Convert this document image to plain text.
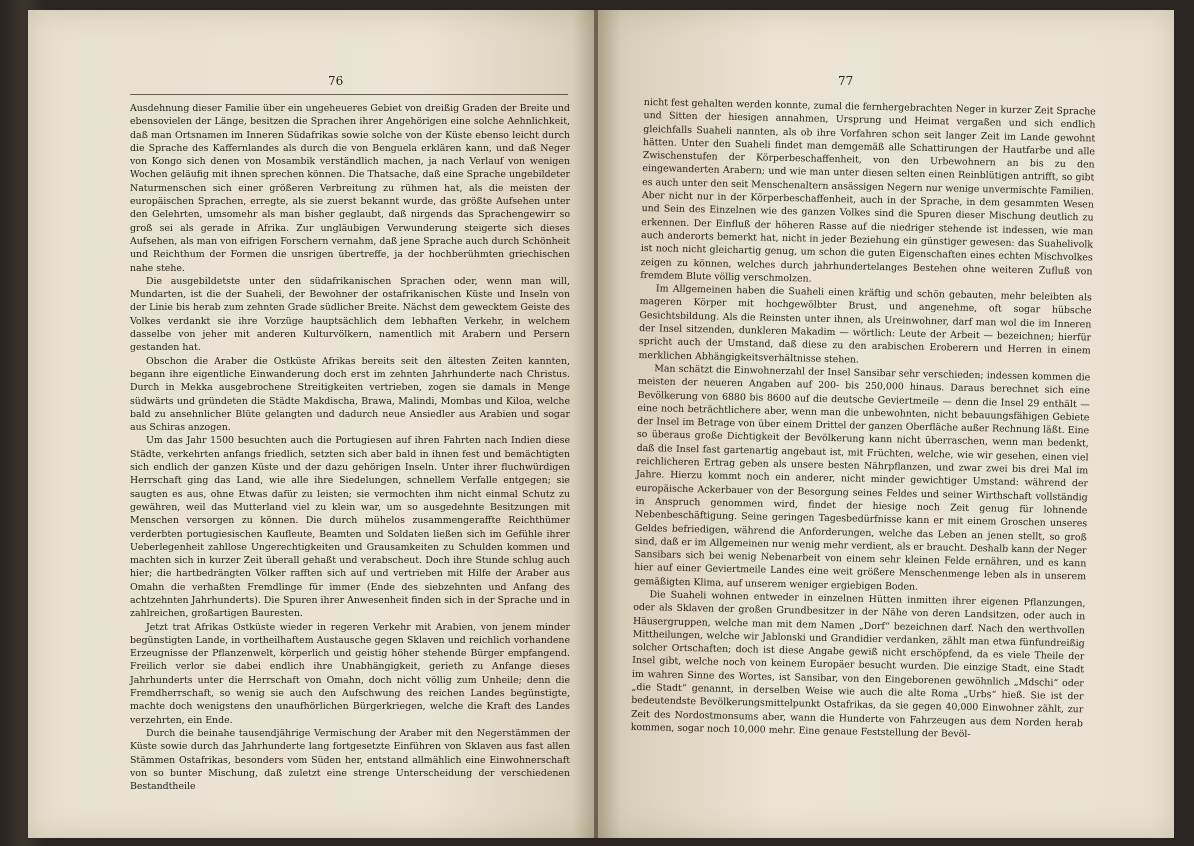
76

Ausdehnung dieser Familie über ein ungeheueres Gebiet von dreißig Graden der Breite und ebensovielen der Länge, besitzen die Sprachen ihrer Angehörigen eine solche Aehnlichkeit, daß man Ortsnamen im Inneren Südafrikas sowie solche von der Küste ebenso leicht durch die Sprache des Kaffernlandes als durch die von Benguela erklären kann, und daß Neger von Kongo sich denen von Mosambik verständlich machen, ja nach Verlauf von wenigen Wochen geläufig mit ihnen sprechen können. Die Thatsache, daß eine Sprache ungebildeter Naturmenschen sich einer größeren Verbreitung zu rühmen hat, als die meisten der europäischen Sprachen, erregte, als sie zuerst bekannt wurde, das größte Aufsehen unter den Gelehrten, umsomehr als man bisher geglaubt, daß nirgends das Sprachengewirr so groß sei als gerade in Afrika. Zur ungläubigen Verwunderung steigerte sich dieses Aufsehen, als man von eifrigen Forschern vernahm, daß jene Sprache auch durch Schönheit und Reichthum der Formen die unsrigen übertreffe, ja der hochberühmten griechischen nahe stehe.

Die ausgebildetste unter den südafrikanischen Sprachen oder, wenn man will, Mundarten, ist die der Suaheli, der Bewohner der ostafrikanischen Küste und Inseln von der Linie bis herab zum zehnten Grade südlicher Breite. Nächst dem gewecktem Geiste des Volkes verdankt sie ihre Vorzüge hauptsächlich dem lebhaften Verkehr, in welchem dasselbe von jeher mit anderen Kulturvölkern, namentlich mit Arabern und Persern gestanden hat.

Obschon die Araber die Ostküste Afrikas bereits seit den ältesten Zeiten kannten, begann ihre eigentliche Einwanderung doch erst im zehnten Jahrhunderte nach Christus. Durch in Mekka ausgebrochene Streitigkeiten vertrieben, zogen sie damals in Menge südwärts und gründeten die Städte Makdischa, Brawa, Malindi, Mombas und Kiloa, welche bald zu ansehnlicher Blüte gelangten und dadurch neue Ansiedler aus Arabien und sogar aus Schiras anzogen.

Um das Jahr 1500 besuchten auch die Portugiesen auf ihren Fahrten nach Indien diese Städte, verkehrten anfangs friedlich, setzten sich aber bald in ihnen fest und bemächtigten sich endlich der ganzen Küste und der dazu gehörigen Inseln. Unter ihrer fluchwürdigen Herrschaft ging das Land, wie alle ihre Siedelungen, schnellem Verfalle entgegen; sie saugten es aus, ohne Etwas dafür zu leisten; sie vermochten ihm nicht einmal Schutz zu gewähren, weil das Mutterland viel zu klein war, um so ausgedehnte Besitzungen mit Menschen versorgen zu können. Die durch mühelos zusammengeraffte Reichthümer verderbten portugiesischen Kaufleute, Beamten und Soldaten ließen sich im Gefühle ihrer Ueberlegenheit zahllose Ungerechtigkeiten und Grausamkeiten zu Schulden kommen und machten sich in kurzer Zeit überall gehaßt und verabscheut. Doch ihre Stunde schlug auch hier; die hartbedrängten Völker rafften sich auf und vertrieben mit Hilfe der Araber aus Omahn die verhaßten Fremdlinge für immer (Ende des siebzehnten und Anfang des achtzehnten Jahrhunderts). Die Spuren ihrer Anwesenheit finden sich in der Sprache und in zahlreichen, großartigen Bauresten.

Jetzt trat Afrikas Ostküste wieder in regeren Verkehr mit Arabien, von jenem minder begünstigten Lande, in vortheilhaftem Austausche gegen Sklaven und reichlich vorhandene Erzeugnisse der Pflanzenwelt, körperlich und geistig höher stehende Bürger empfangend. Freilich verlor sie dabei endlich ihre Unabhängigkeit, gerieth zu Anfange dieses Jahrhunderts unter die Herrschaft von Omahn, doch nicht völlig zum Unheile; denn die Fremdherrschaft, so wenig sie auch den Aufschwung des reichen Landes begünstigte, machte doch wenigstens den unaufhörlichen Bürgerkriegen, welche die Kraft des Landes verzehrten, ein Ende.

Durch die beinahe tausendjährige Vermischung der Araber mit den Negerstämmen der Küste sowie durch das Jahrhunderte lang fortgesetzte Einführen von Sklaven aus fast allen Stämmen Ostafrikas, besonders vom Süden her, entstand allmählich eine Einwohnerschaft von so bunter Mischung, daß zuletzt eine strenge Unterscheidung der verschiedenen Bestandtheile

77

nicht fest gehalten werden konnte, zumal die fernhergebrachten Neger in kurzer Zeit Sprache und Sitten der hiesigen annahmen, Ursprung und Heimat vergaßen und sich endlich gleichfalls Suaheli nannten, als ob ihre Vorfahren schon seit langer Zeit im Lande gewohnt hätten. Unter den Suaheli findet man demgemäß alle Schattirungen der Hautfarbe und alle Zwischenstufen der Körperbeschaffenheit, von den Urbewohnern an bis zu den eingewanderten Arabern; und wie man unter diesen selten einen Reinblütigen antrifft, so gibt es auch unter den seit Menschenaltern ansässigen Negern nur wenige unvermischte Familien. Aber nicht nur in der Körperbeschaffenheit, auch in der Sprache, in dem gesammten Wesen und Sein des Einzelnen wie des ganzen Volkes sind die Spuren dieser Mischung deutlich zu erkennen. Der Einfluß der höheren Rasse auf die niedriger stehende ist indessen, wie man auch anderorts bemerkt hat, nicht in jeder Beziehung ein günstiger gewesen: das Suahelivolk ist noch nicht gleichartig genug, um schon die guten Eigenschaften eines echten Mischvolkes zeigen zu können, welches durch jahrhundertelanges Bestehen ohne weiteren Zufluß von fremdem Blute völlig verschmolzen.

Im Allgemeinen haben die Suaheli einen kräftig und schön gebauten, mehr beleibten als mageren Körper mit hochgewölbter Brust, und angenehme, oft sogar hübsche Gesichtsbildung. Als die Reinsten unter ihnen, als Ureinwohner, darf man wol die im Inneren der Insel sitzenden, dunkleren Makadim — wörtlich: Leute der Arbeit — bezeichnen; hierfür spricht auch der Umstand, daß diese zu den arabischen Eroberern und Herren in einem merklichen Abhängigkeitsverhältnisse stehen.

Man schätzt die Einwohnerzahl der Insel Sansibar sehr verschieden; indessen kommen die meisten der neueren Angaben auf 200- bis 250,000 hinaus. Daraus berechnet sich eine Bevölkerung von 6880 bis 8600 auf die deutsche Geviertmeile — denn die Insel 29 enthält — eine noch beträchtlichere aber, wenn man die unbewohnten, nicht bebauungsfähigen Gebiete der Insel im Betrage von über einem Drittel der ganzen Oberfläche außer Rechnung läßt. Eine so überaus große Dichtigkeit der Bevölkerung kann nicht überraschen, wenn man bedenkt, daß die Insel fast gartenartig angebaut ist, mit Früchten, welche, wie wir gesehen, einen viel reichlicheren Ertrag geben als unsere besten Nährpflanzen, und zwar zwei bis drei Mal im Jahre. Hierzu kommt noch ein anderer, nicht minder gewichtiger Umstand: während der europäische Ackerbauer von der Besorgung seines Feldes und seiner Wirthschaft vollständig in Anspruch genommen wird, findet der hiesige noch Zeit genug für lohnende Nebenbeschäftigung. Seine geringen Tagesbedürfnisse kann er mit einem Groschen unseres Geldes befriedigen, während die Anforderungen, welche das Leben an jenen stellt, so groß sind, daß er im Allgemeinen nur wenig mehr verdient, als er braucht. Deshalb kann der Neger Sansibars sich bei wenig Nebenarbeit von einem sehr kleinen Felde ernähren, und es kann hier auf einer Geviertmeile Landes eine weit größere Menschenmenge leben als in unserem gemäßigten Klima, auf unserem weniger ergiebigen Boden.

Die Suaheli wohnen entweder in einzelnen Hütten inmitten ihrer eigenen Pflanzungen, oder als Sklaven der großen Grundbesitzer in der Nähe von deren Landsitzen, oder auch in Häusergruppen, welche man mit dem Namen „Dorf“ bezeichnen darf. Nach den werthvollen Mittheilungen, welche wir Jablonski und Grandidier verdanken, zählt man etwa fünfundreißig solcher Ortschaften; doch ist diese Angabe gewiß nicht erschöpfend, da es viele Theile der Insel gibt, welche noch von keinem Europäer besucht wurden. Die einzige Stadt, eine Stadt im wahren Sinne des Wortes, ist Sansibar, von den Eingeborenen gewöhnlich „Mdschi“ oder „die Stadt“ genannt, in derselben Weise wie auch die alte Roma „Urbs“ hieß. Sie ist der bedeutendste Bevölkerungsmittelpunkt Ostafrikas, da sie gegen 40,000 Einwohner zählt, zur Zeit des Nordostmonsums aber, wann die Hunderte von Fahrzeugen aus dem Norden herab kommen, sogar noch 10,000 mehr. Eine genaue Feststellung der Bevöl-
